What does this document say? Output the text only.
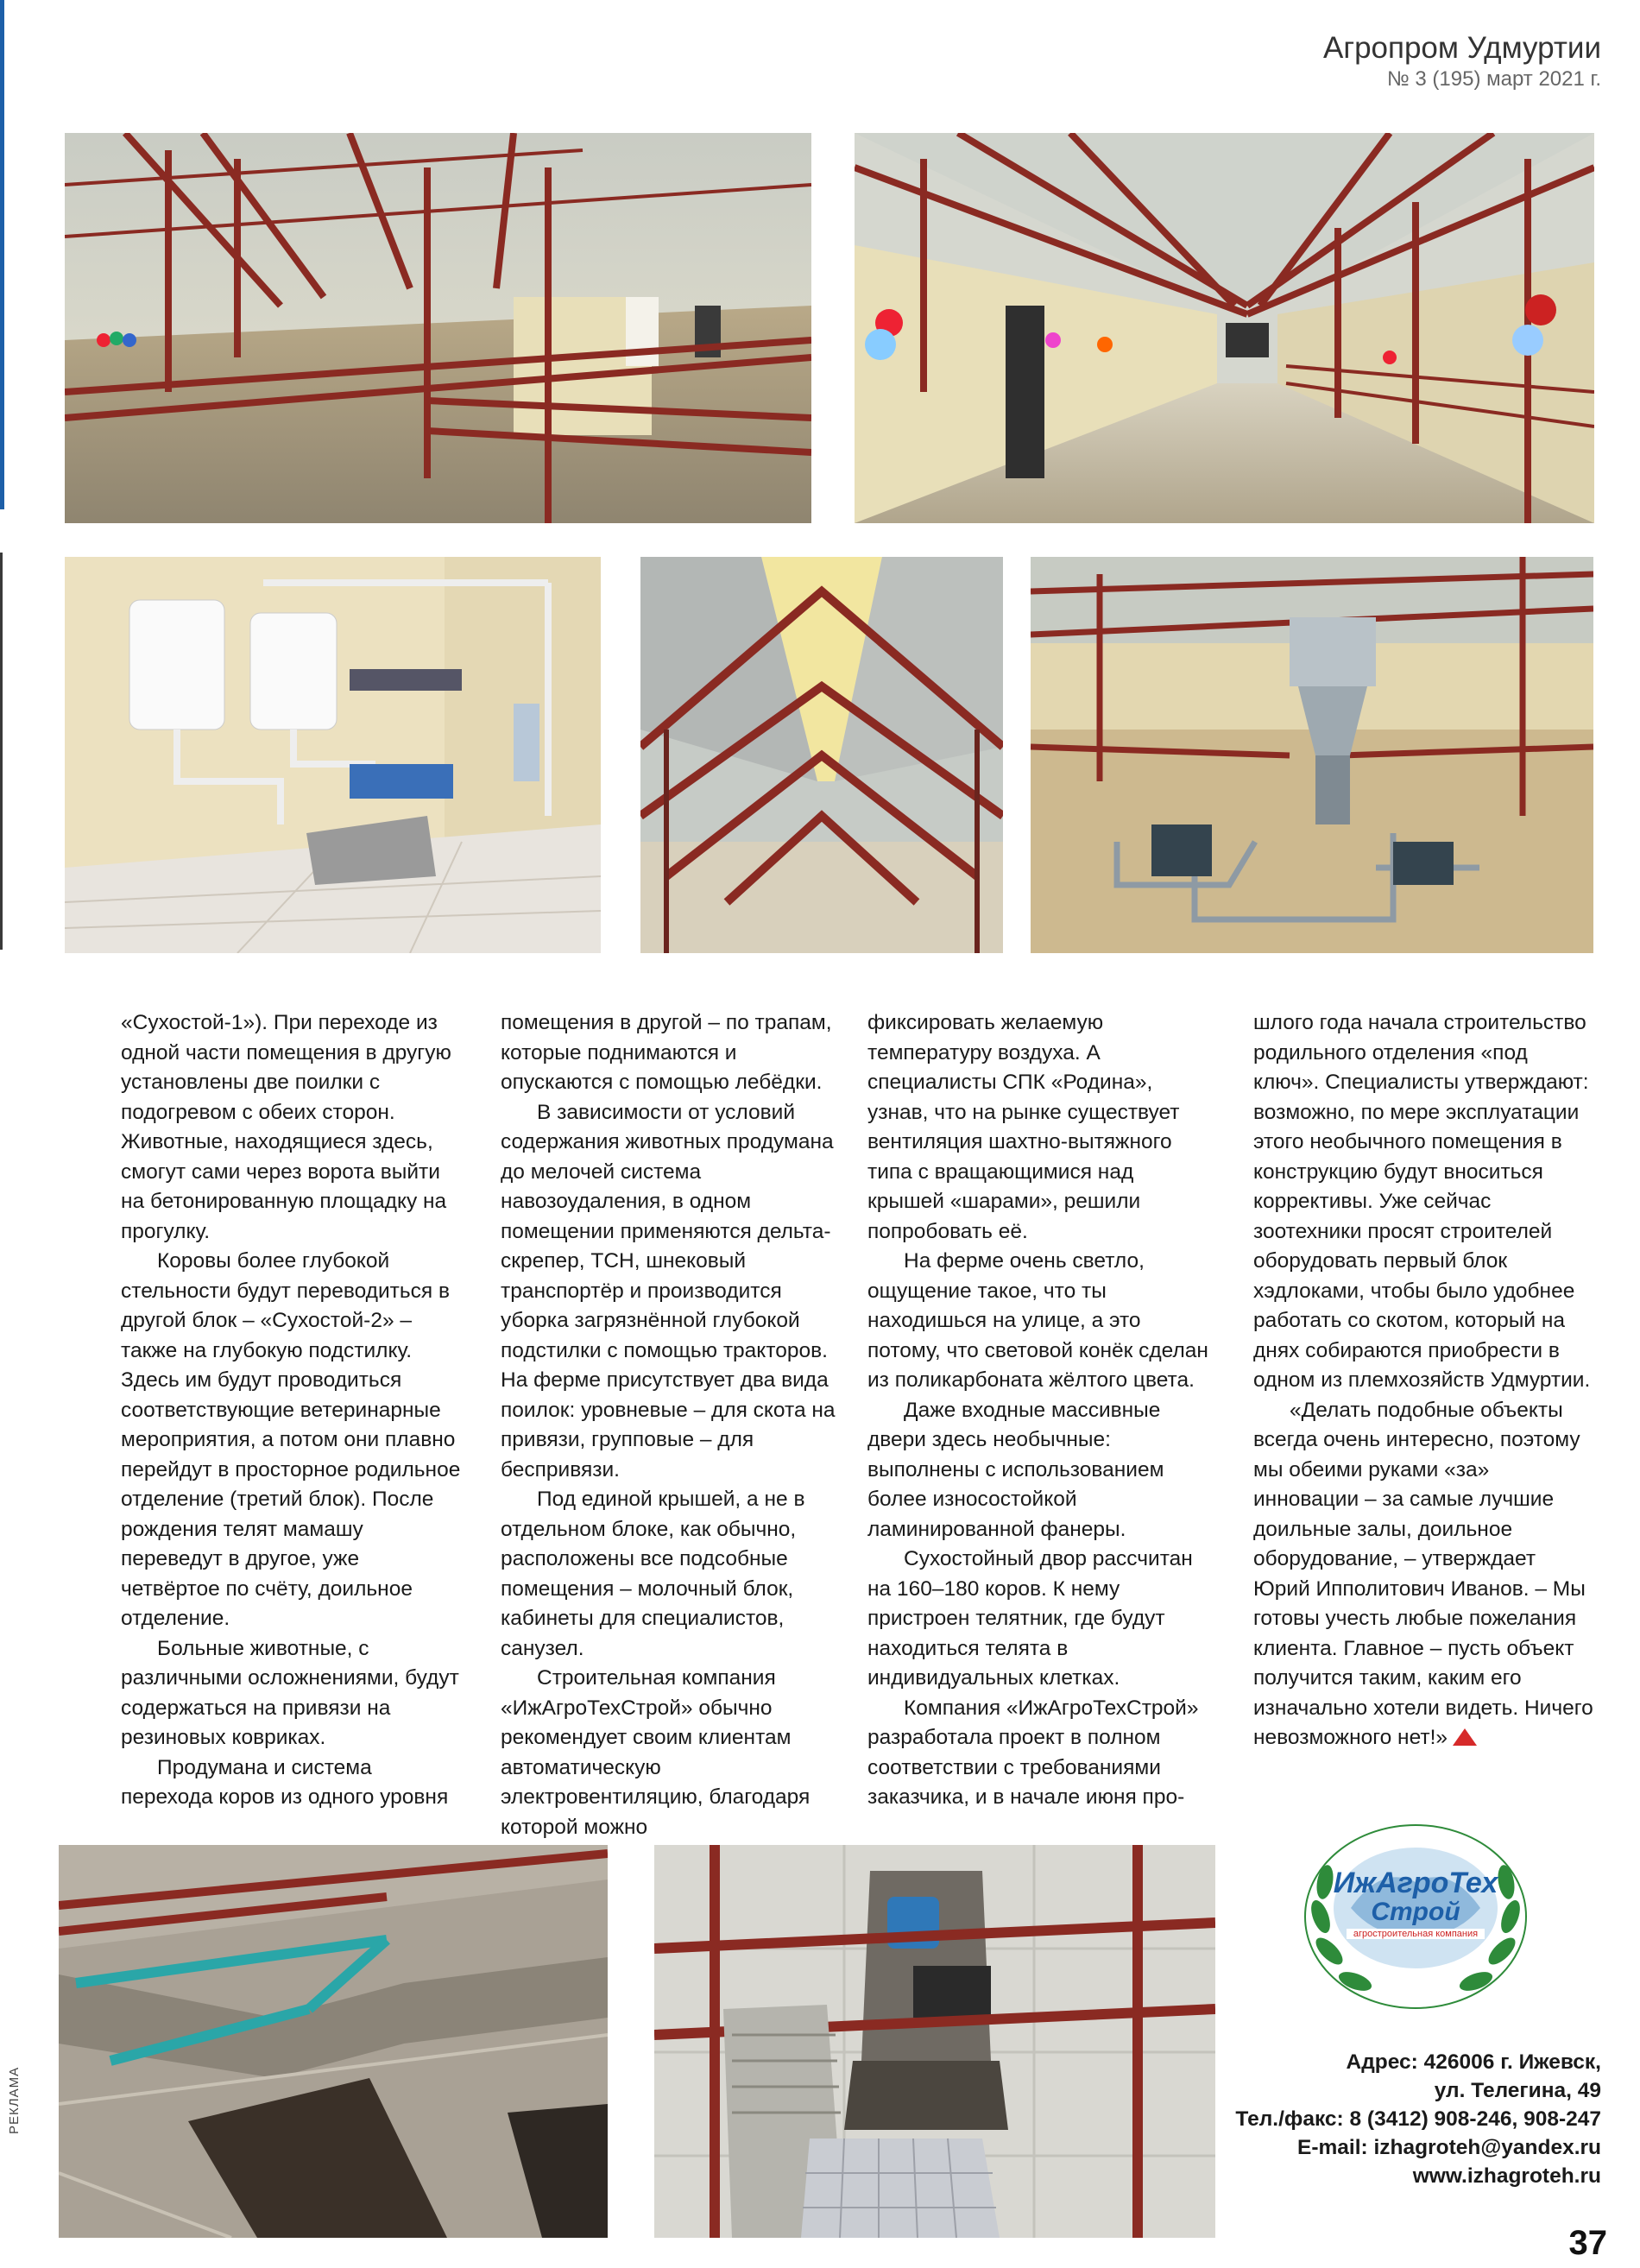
Агропром Удмуртии
№ 3 (195) март 2021 г.

«Сухостой-1»). При переходе из одной части помещения в другую установлены две поилки с подогревом с обеих сторон. Животные, находящиеся здесь, смогут сами через ворота выйти на бетонированную площадку на прогулку.

Коровы более глубокой стельности будут переводиться в другой блок – «Сухостой-2» – также на глубокую подстилку. Здесь им будут проводиться соответствующие ветеринарные мероприятия, а потом они плавно перейдут в просторное родильное отделение (третий блок). После рождения телят мамашу переведут в другое, уже четвёртое по счёту, доильное отделение.

Больные животные, с различными осложнениями, будут содержаться на привязи на резиновых ковриках.

Продумана и система перехода коров из одного уровня

помещения в другой – по трапам, которые поднимаются и опускаются с помощью лебёдки.

В зависимости от условий содержания животных продумана до мелочей система навозоудаления, в одном помещении применяются дельта-скрепер, ТСН, шнековый транспортёр и производится уборка загрязнённой глубокой подстилки с помощью тракторов. На ферме присутствует два вида поилок: уровневые – для скота на привязи, групповые – для беспривязи.

Под единой крышей, а не в отдельном блоке, как обычно, расположены все подсобные помещения – молочный блок, кабинеты для специалистов, санузел.

Строительная компания «ИжАгроТехСтрой» обычно рекомендует своим клиентам автоматическую электровентиляцию, благодаря которой можно

фиксировать желаемую температуру воздуха. А специалисты СПК «Родина», узнав, что на рынке существует вентиляция шахтно-вытяжного типа с вращающимися над крышей «шарами», решили попробовать её.

На ферме очень светло, ощущение такое, что ты находишься на улице, а это потому, что световой конёк сделан из поликарбоната жёлтого цвета.

Даже входные массивные двери здесь необычные: выполнены с использованием более износостойкой ламинированной фанеры.

Сухостойный двор рассчитан на 160–180 коров. К нему пристроен телятник, где будут находиться телята в индивидуальных клетках.

Компания «ИжАгроТехСтрой» разработала проект в полном соответствии с требованиями заказчика, и в начале июня про-

шлого года начала строительство родильного отделения «под ключ». Специалисты утверждают: возможно, по мере эксплуатации этого необычного помещения в конструкцию будут вноситься коррективы. Уже сейчас зоотехники просят строителей оборудовать первый блок хэдлоками, чтобы было удобнее работать со скотом, который на днях собираются приобрести в одном из племхозяйств Удмуртии.

«Делать подобные объекты всегда очень интересно, поэтому мы обеими руками «за» инновации – за самые лучшие доильные залы, доильное оборудование, – утверждает Юрий Ипполитович Иванов. – Мы готовы учесть любые пожелания клиента. Главное – пусть объект получится таким, каким его изначально хотели видеть. Ничего невозможного нет!»

ИжАгроТех
Строй
агростроительная компания
Адрес: 426006 г. Ижевск,
ул. Телегина, 49
Тел./факс: 8 (3412) 908-246, 908-247
E-mail: izhagroteh@yandex.ru
www.izhagroteh.ru
РЕКЛАМА
37
